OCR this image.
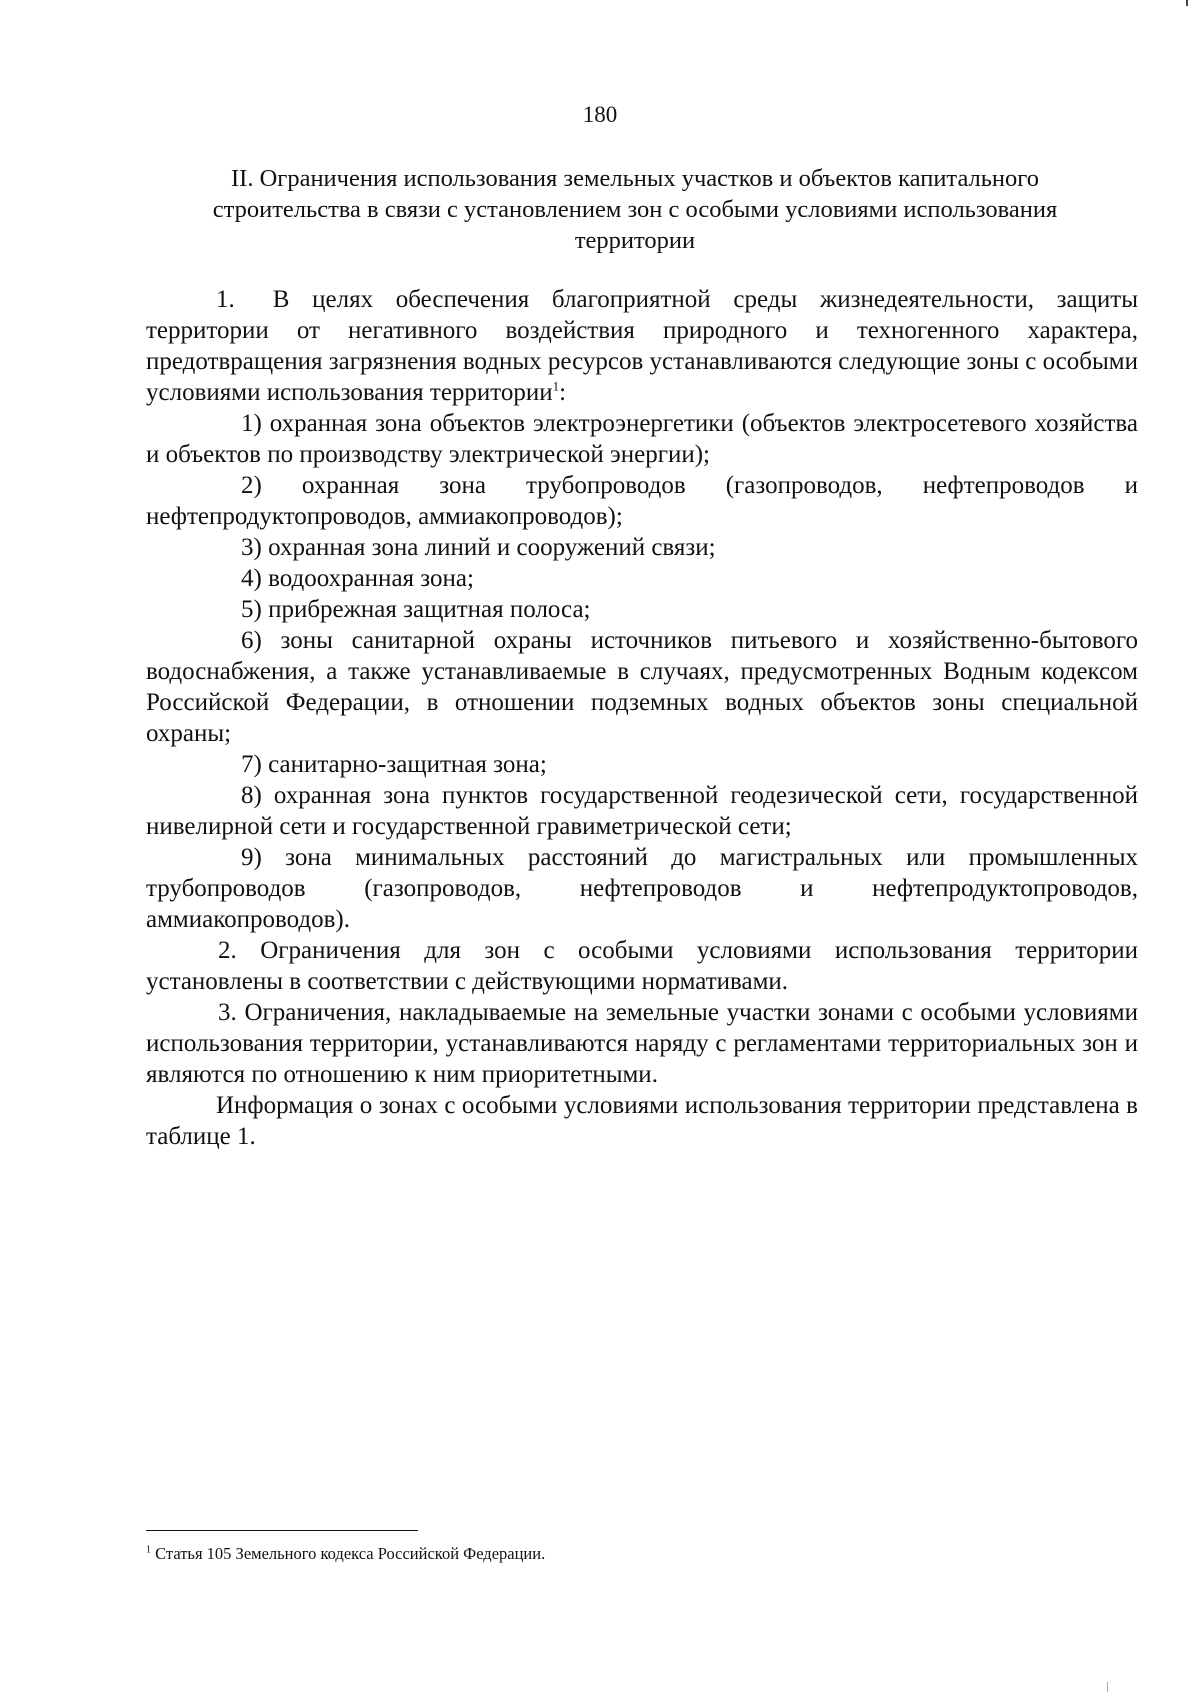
180
II. Ограничения использования земельных участков и объектов капитального
строительства в связи с установлением зон с особыми условиями использования
территории

1. В целях обеспечения благоприятной среды жизнедеятельности, защиты территории от негативного воздействия природного и техногенного характера, предотвращения загрязнения водных ресурсов устанавливаются следующие зоны с особыми условиями использования территории$^1$:

1) охранная зона объектов электроэнергетики (объектов электросетевого хозяйства и объектов по производству электрической энергии);

2) охранная зона трубопроводов (газопроводов, нефтепроводов и нефтепродуктопроводов, аммиакопроводов);

3) охранная зона линий и сооружений связи;

4) водоохранная зона;

5) прибрежная защитная полоса;

6) зоны санитарной охраны источников питьевого и хозяйственно-бытового водоснабжения, а также устанавливаемые в случаях, предусмотренных Водным кодексом Российской Федерации, в отношении подземных водных объектов зоны специальной охраны;

7) санитарно-защитная зона;

8) охранная зона пунктов государственной геодезической сети, государственной нивелирной сети и государственной гравиметрической сети;

9) зона минимальных расстояний до магистральных или промышленных трубопроводов (газопроводов, нефтепроводов и нефтепродуктопроводов, аммиакопроводов).

2. Ограничения для зон с особыми условиями использования территории установлены в соответствии с действующими нормативами.

3. Ограничения, накладываемые на земельные участки зонами с особыми условиями использования территории, устанавливаются наряду с регламентами территориальных зон и являются по отношению к ним приоритетными.

Информация о зонах с особыми условиями использования территории представлена в таблице 1.

$^1$ Статья 105 Земельного кодекса Российской Федерации.
